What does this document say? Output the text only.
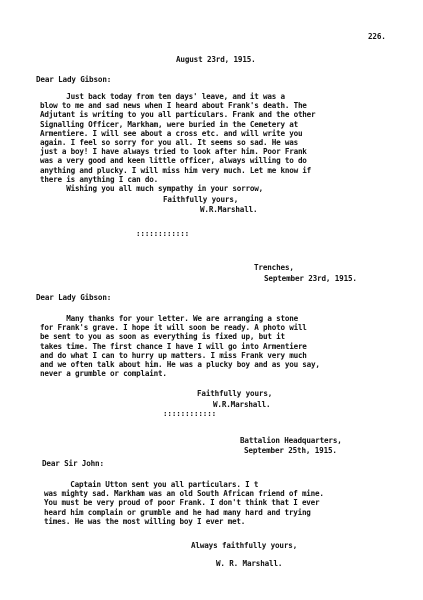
226.
August 23rd, 1915.
Dear Lady Gibson:
Just back today from ten days' leave, and it was a
blow to me and sad news when I heard about Frank's death. The
Adjutant is writing to you all particulars. Frank and the other
Signalling Officer, Markham, were buried in the Cemetery at
Armentiere. I will see about a cross etc. and will write you
again. I feel so sorry for you all. It seems so sad. He was
just a boy! I have always tried to look after him. Poor Frank
was a very good and keen little officer, always willing to do
anything and plucky. I will miss him very much. Let me know if
there is anything I can do.
Wishing you all much sympathy in your sorrow,
Faithfully yours,
W.R.Marshall.
::::::::::::
Trenches,
September 23rd, 1915.
Dear Lady Gibson:
Many thanks for your letter. We are arranging a stone
for Frank's grave. I hope it will soon be ready. A photo will
be sent to you as soon as everything is fixed up, but it
takes time. The first chance I have I will go into Armentiere
and do what I can to hurry up matters. I miss Frank very much
and we often talk about him. He was a plucky boy and as you say,
never a grumble or complaint.
Faithfully yours,
W.R.Marshall.
::::::::::::
Battalion Headquarters,
September 25th, 1915.
Dear Sir John:
Captain Utton sent you all particulars. I t
was mighty sad. Markham was an old South African friend of mine.
You must be very proud of poor Frank. I don't think that I ever
heard him complain or grumble and he had many hard and trying
times. He was the most willing boy I ever met.
Always faithfully yours,
W. R. Marshall.
